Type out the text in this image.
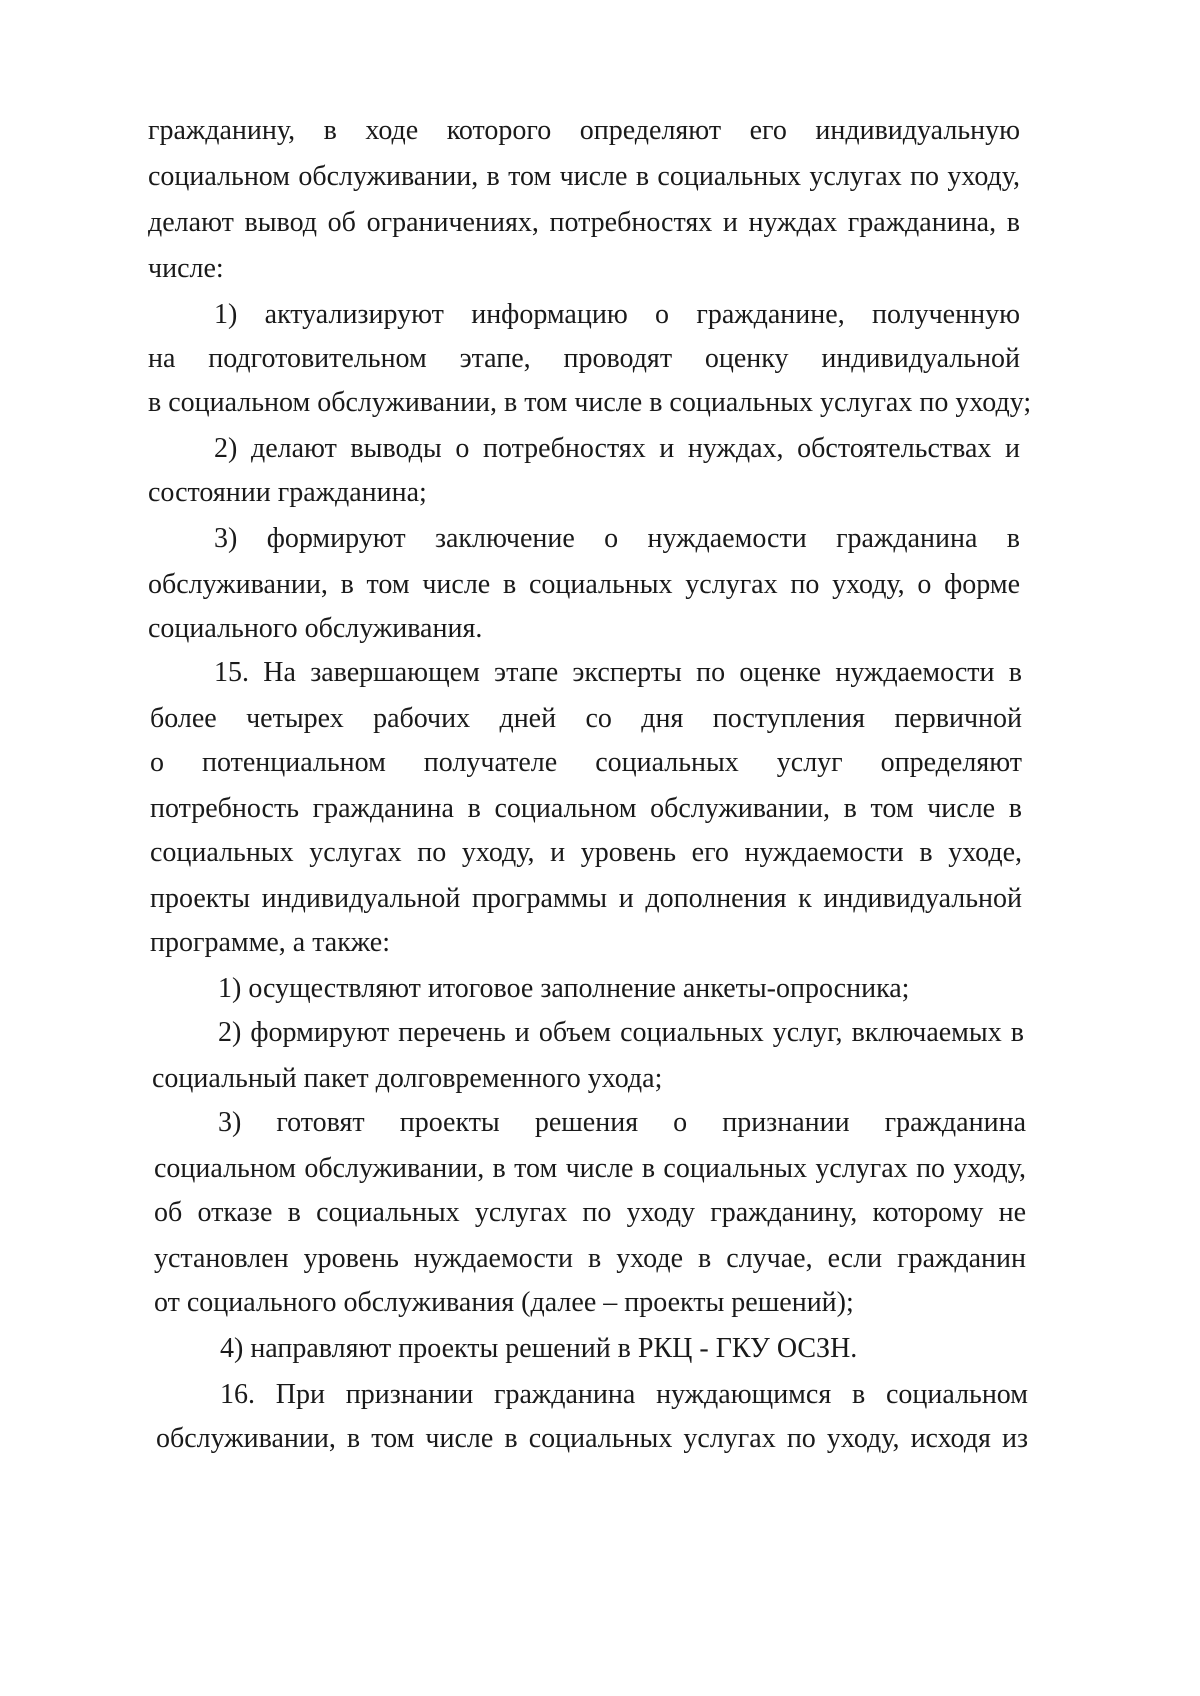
гражданину, в ходе которого определяют его индивидуальную
социальном обслуживании, в том числе в социальных услугах по уходу,
делают вывод об ограничениях, потребностях и нуждах гражданина, в
числе:
1) актуализируют информацию о гражданине, полученную
на подготовительном этапе, проводят оценку индивидуальной
в социальном обслуживании, в том числе в социальных услугах по уходу;
2) делают выводы о потребностях и нуждах, обстоятельствах и
состоянии гражданина;
3) формируют заключение о нуждаемости гражданина в
обслуживании, в том числе в социальных услугах по уходу, о форме
социального обслуживания.
15. На завершающем этапе эксперты по оценке нуждаемости в
более четырех рабочих дней со дня поступления первичной
о потенциальном получателе социальных услуг определяют
потребность гражданина в социальном обслуживании, в том числе в
социальных услугах по уходу, и уровень его нуждаемости в уходе,
проекты индивидуальной программы и дополнения к индивидуальной
программе, а также:
1) осуществляют итоговое заполнение анкеты-опросника;
2) формируют перечень и объем социальных услуг, включаемых в
социальный пакет долговременного ухода;
3) готовят проекты решения о признании гражданина
социальном обслуживании, в том числе в социальных услугах по уходу,
об отказе в социальных услугах по уходу гражданину, которому не
установлен уровень нуждаемости в уходе в случае, если гражданин
от социального обслуживания (далее – проекты решений);
4) направляют проекты решений в РКЦ - ГКУ ОСЗН.
16. При признании гражданина нуждающимся в социальном
обслуживании, в том числе в социальных услугах по уходу, исходя из
